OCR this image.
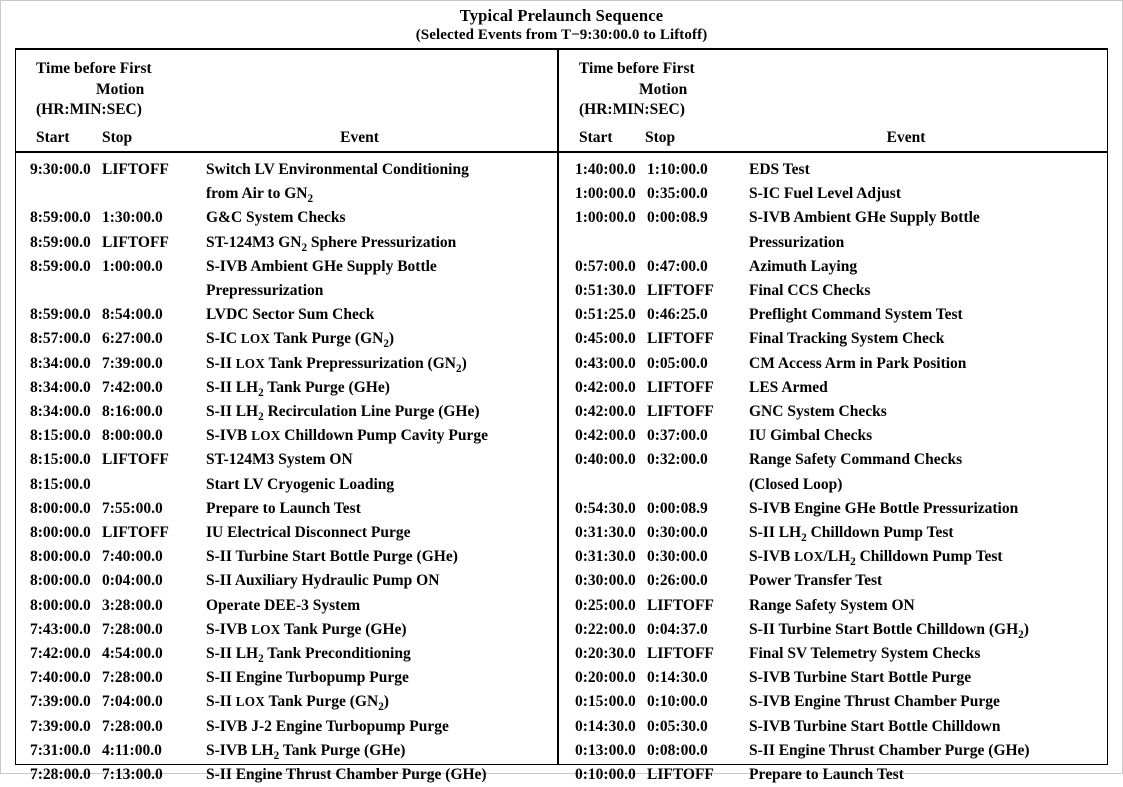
Typical Prelaunch Sequence
(Selected Events from T−9:30:00.0 to Liftoff)
Time before First
Motion
(HR:MIN:SEC)
Start	Stop	Event
9:30:00.0 LIFTOFF	Switch LV Environmental Conditioning
from Air to $GN_2$
8:59:00.0 1:30:00.0	G&C System Checks
8:59:00.0 LIFTOFF	ST-124M3 $GN_2$ Sphere Pressurization
8:59:00.0 1:00:00.0	S-IVB Ambient GHe Supply Bottle
Prepressurization
8:59:00.0 8:54:00.0	LVDC Sector Sum Check
8:57:00.0 6:27:00.0	S-IC LOX Tank Purge $(GN_2)$
8:34:00.0 7:39:00.0	S-II LOX Tank Prepressurization $(GN_2)$
8:34:00.0 7:42:00.0	S-II $LH_2$ Tank Purge (GHe)
8:34:00.0 8:16:00.0	S-II $LH_2$ Recirculation Line Purge (GHe)
8:15:00.0 8:00:00.0	S-IVB LOX Chilldown Pump Cavity Purge
8:15:00.0 LIFTOFF	ST-124M3 System ON
8:15:00.0	Start LV Cryogenic Loading
8:00:00.0 7:55:00.0	Prepare to Launch Test
8:00:00.0 LIFTOFF	IU Electrical Disconnect Purge
8:00:00.0 7:40:00.0	S-II Turbine Start Bottle Purge (GHe)
8:00:00.0 0:04:00.0	S-II Auxiliary Hydraulic Pump ON
8:00:00.0 3:28:00.0	Operate DEE-3 System
7:43:00.0 7:28:00.0	S-IVB LOX Tank Purge (GHe)
7:42:00.0 4:54:00.0	S-II $LH_2$ Tank Preconditioning
7:40:00.0 7:28:00.0	S-II Engine Turbopump Purge
7:39:00.0 7:04:00.0	S-II LOX Tank Purge $(GN_2)$
7:39:00.0 7:28:00.0	S-IVB J-2 Engine Turbopump Purge
7:31:00.0 4:11:00.0	S-IVB $LH_2$ Tank Purge (GHe)
7:28:00.0 7:13:00.0	S-II Engine Thrust Chamber Purge (GHe)
Time before First
Motion
(HR:MIN:SEC)
Start	Stop	Event
1:40:00.0 1:10:00.0	EDS Test
1:00:00.0 0:35:00.0	S-IC Fuel Level Adjust
1:00:00.0 0:00:08.9	S-IVB Ambient GHe Supply Bottle
Pressurization
0:57:00.0 0:47:00.0	Azimuth Laying
0:51:30.0 LIFTOFF	Final CCS Checks
0:51:25.0 0:46:25.0	Preflight Command System Test
0:45:00.0 LIFTOFF	Final Tracking System Check
0:43:00.0 0:05:00.0	CM Access Arm in Park Position
0:42:00.0 LIFTOFF	LES Armed
0:42:00.0 LIFTOFF	GNC System Checks
0:42:00.0 0:37:00.0	IU Gimbal Checks
0:40:00.0 0:32:00.0	Range Safety Command Checks
(Closed Loop)
0:54:30.0 0:00:08.9	S-IVB Engine GHe Bottle Pressurization
0:31:30.0 0:30:00.0	S-II $LH_2$ Chilldown Pump Test
0:31:30.0 0:30:00.0	S-IVB LOX/$LH_2$ Chilldown Pump Test
0:30:00.0 0:26:00.0	Power Transfer Test
0:25:00.0 LIFTOFF	Range Safety System ON
0:22:00.0 0:04:37.0	S-II Turbine Start Bottle Chilldown $(GH_2)$
0:20:30.0 LIFTOFF	Final SV Telemetry System Checks
0:20:00.0 0:14:30.0	S-IVB Turbine Start Bottle Purge
0:15:00.0 0:10:00.0	S-IVB Engine Thrust Chamber Purge
0:14:30.0 0:05:30.0	S-IVB Turbine Start Bottle Chilldown
0:13:00.0 0:08:00.0	S-II Engine Thrust Chamber Purge (GHe)
0:10:00.0 LIFTOFF	Prepare to Launch Test
